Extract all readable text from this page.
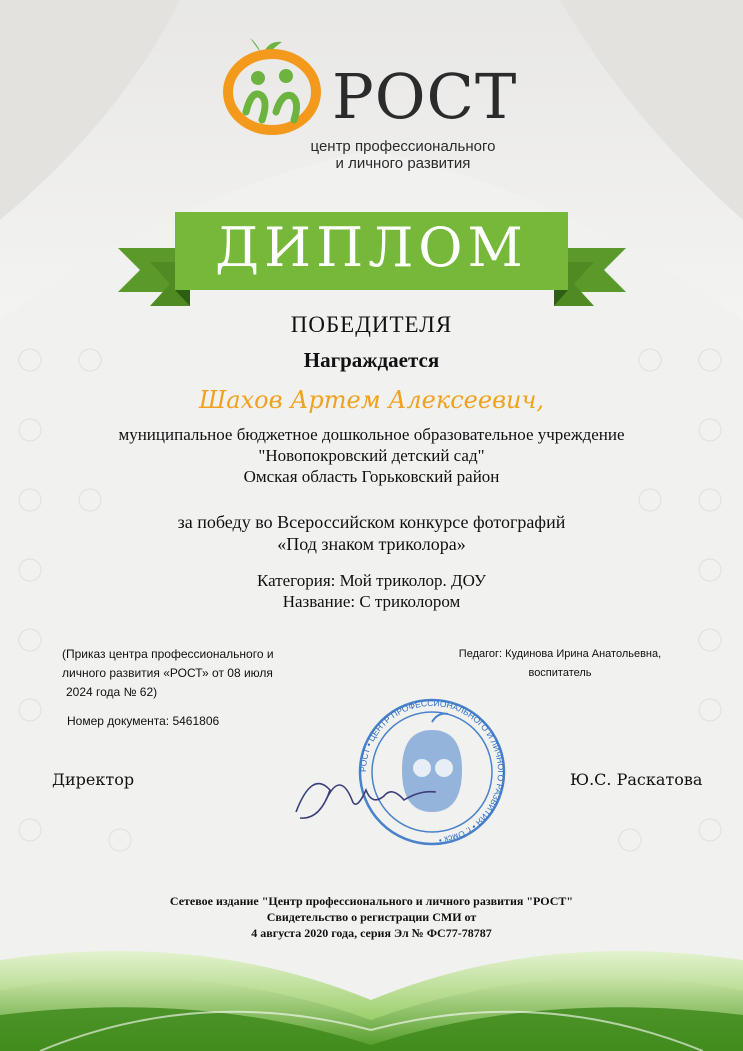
РОСТ • ЦЕНТР ПРОФЕССИОНАЛЬНОГО И ЛИЧНОГО РАЗВИТИЯ • г. Омск •
РОСТ
центр профессионального
и личного развития
ДИПЛОМ
ПОБЕДИТЕЛЯ
Награждается
Шахов Артем Алексеевич,
муниципальное бюджетное дошкольное образовательное учреждение
"Новопокровский детский сад"
Омская область Горьковский район
за победу во Всероссийском конкурсе фотографий
«Под знаком триколора»
Категория: Мой триколор. ДОУ
Название: С триколором
(Приказ центра профессионального и
личного развития «РОСТ» от 08 июля
2024 года № 62)
Педагог: Кудинова Ирина Анатольевна,
воспитатель
Номер документа: 5461806
Директор	Ю.С. Раскатова
Сетевое издание "Центр профессионального и личного развития "РОСТ"
Свидетельство о регистрации СМИ от
4 августа 2020 года, серия Эл № ФС77-78787
